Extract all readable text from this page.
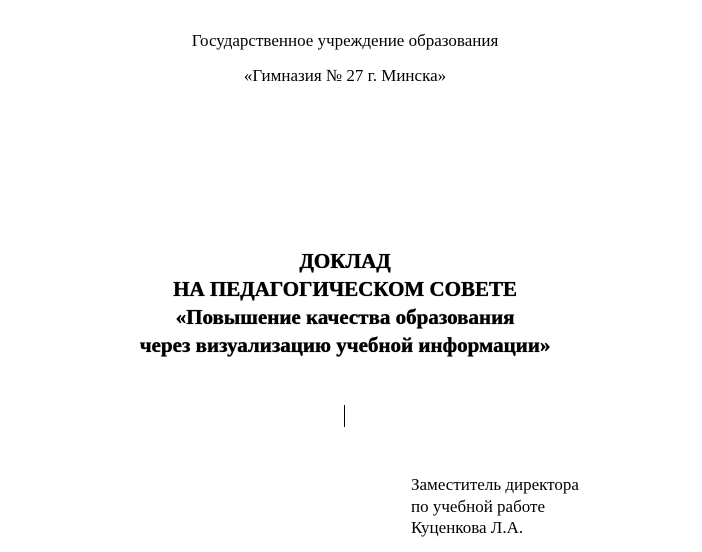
Государственное учреждение образования
«Гимназия № 27 г. Минска»
ДОКЛАД
НА ПЕДАГОГИЧЕСКОМ СОВЕТЕ
«Повышение качества образования
через визуализацию учебной информации»
Заместитель директора
по учебной работе
Куценкова Л.А.
